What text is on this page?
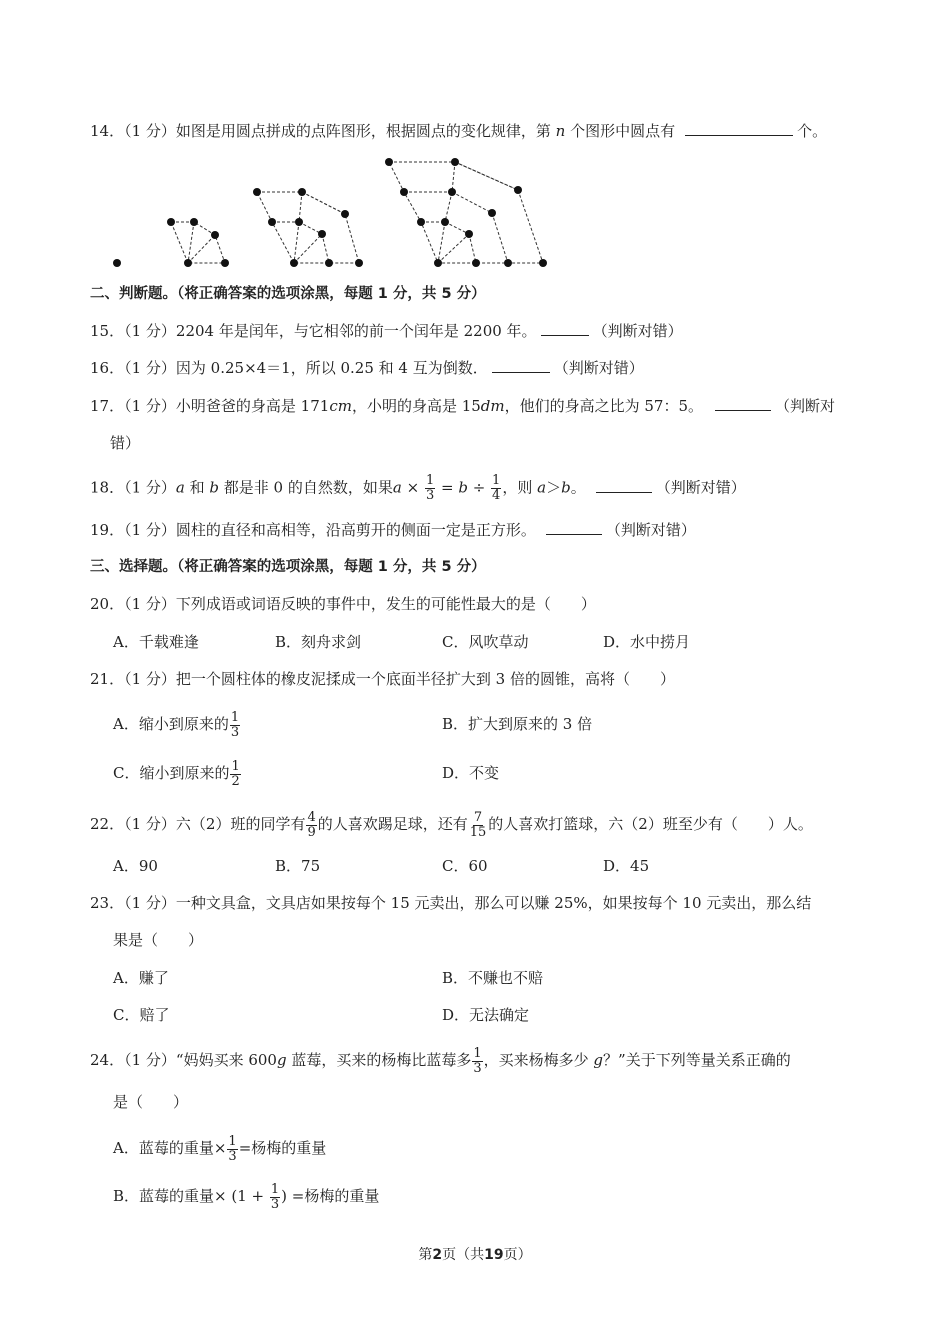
14．（1 分）如图是用圆点拼成的点阵图形，根据圆点的变化规律，第 n 个图形中圆点有	个。
二、判断题。（将正确答案的选项涂黑，每题 1 分，共 5 分）
15．（1 分）2204 年是闰年，与它相邻的前一个闰年是 2200 年。	（判断对错）
16．（1 分）因为 0.25×4＝1，所以 0.25 和 4 互为倒数．	（判断对错）
17．（1 分）小明爸爸的身高是 171cm，小明的身高是 15dm，他们的身高之比为 57：5。	（判断对
错）
18．（1 分）a 和 b 都是非 0 的自然数，如果$a \times \frac{1}{3} = b \div \frac{1}{4}$ ，则 a＞b。	（判断对错）
19．（1 分）圆柱的直径和高相等，沿高剪开的侧面一定是正方形。	（判断对错）
三、选择题。（将正确答案的选项涂黑，每题 1 分，共 5 分）
20．（1 分）下列成语或词语反映的事件中，发生的可能性最大的是（　　）
A．千载难逢	B．刻舟求剑	C．风吹草动	D．水中捞月
21．（1 分）把一个圆柱体的橡皮泥揉成一个底面半径扩大到 3 倍的圆锥，高将（　　）
A．缩小到原来的 $\frac{1}{3}$	B．扩大到原来的 3 倍
C．缩小到原来的 $\frac{1}{2}$	D．不变
22．（1 分）六（2）班的同学有 $\frac{4}{9}$ 的人喜欢踢足球，还有 $\frac{7}{15}$ 的人喜欢打篮球，六（2）班至少有（　　）人。
A．90	B．75	C．60	D．45
23．（1 分）一种文具盒，文具店如果按每个 15 元卖出，那么可以赚 25%，如果按每个 10 元卖出，那么结
果是（　　）
A．赚了	B．不赚也不赔
C．赔了	D．无法确定
24．（1 分）“妈妈买来 600g 蓝莓，买来的杨梅比蓝莓多 $\frac{1}{3}$ ，买来杨梅多少 g？”关于下列等量关系正确的
是（　　）
A．蓝莓的重量× $\frac{1}{3}$ =杨梅的重量
B．蓝莓的重量× ($1 + \frac{1}{3}$ ) =杨梅的重量
第2页（共19页）
